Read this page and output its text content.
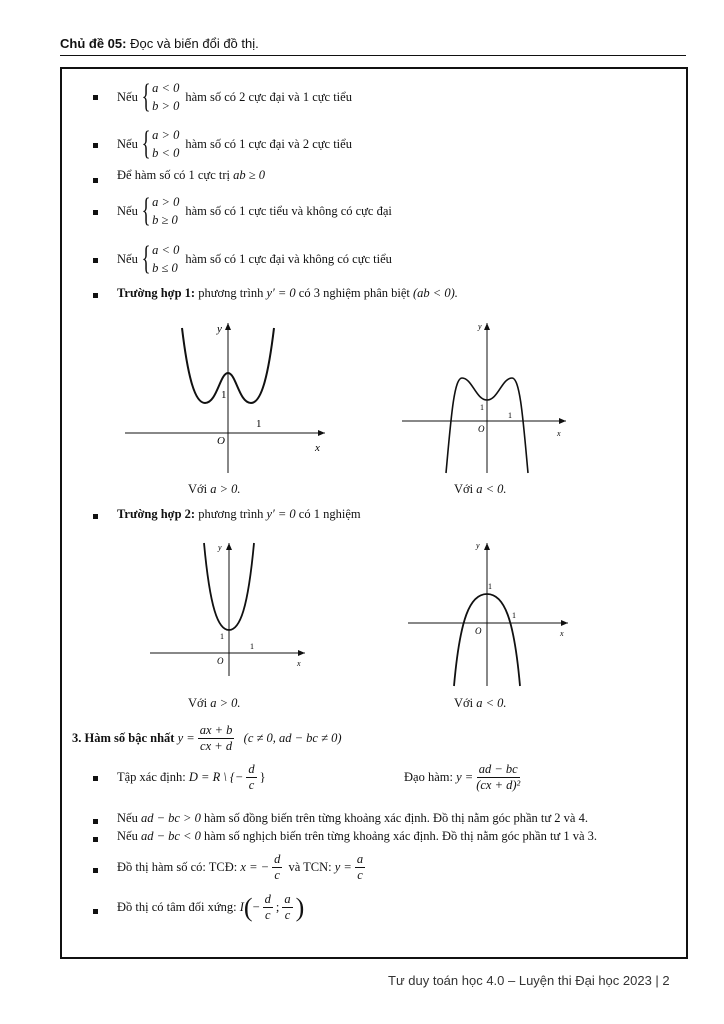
Chủ đề 05: Đọc và biến đổi đồ thị.
Nếu { a < 0
b > 0
hàm số có 2 cực đại và 1 cực tiểu
Nếu { a > 0
b < 0
hàm số có 1 cực đại và 2 cực tiểu
Để hàm số có 1 cực trị
ab ≥ 0
Nếu { a > 0
b ≥ 0
hàm số có 1 cực tiểu và không có cực đại
Nếu { a < 0
b ≤ 0
hàm số có 1 cực đại và không có cực tiểu
Trường hợp 1:
phương trình
y′ = 0
có 3 nghiệm phân biệt
(ab < 0).
y
x
O
1
1
Với a > 0.
y
x
O
1
1
Với a < 0.
Trường hợp 2:
phương trình
y′ = 0
có 1 nghiệm
y
x
O
1
1
Với a > 0.
y
x
O
1
1
Với a < 0.
3. Hàm số bậc nhất
$y = \frac{ax + b}{cx + d}$
(c ≠ 0, ad − bc ≠ 0)
Tập xác định:
D = R \ {− $\frac{d}{c}$ }	Đạo hàm:
$y = \frac{ad - bc}{\text{(cx + d)²}}$
Nếu
ad − bc > 0
hàm số đồng biến trên từng khoảng xác định. Đồ thị nằm góc phần tư 2 và 4.
Nếu
ad − bc < 0
hàm số nghịch biến trên từng khoảng xác định. Đồ thị nằm góc phần tư 1 và 3.
Đồ thị hàm số có: TCĐ:
x = − $\frac{d}{c}$
và TCN:
$y = \frac{a}{c}$
Đồ thị có tâm đối xứng:
I ( − $\frac{d}{c}$ ; $\frac{a}{c}$ )
Tư duy toán học 4.0 – Luyện thi Đại học 2023 | 2
